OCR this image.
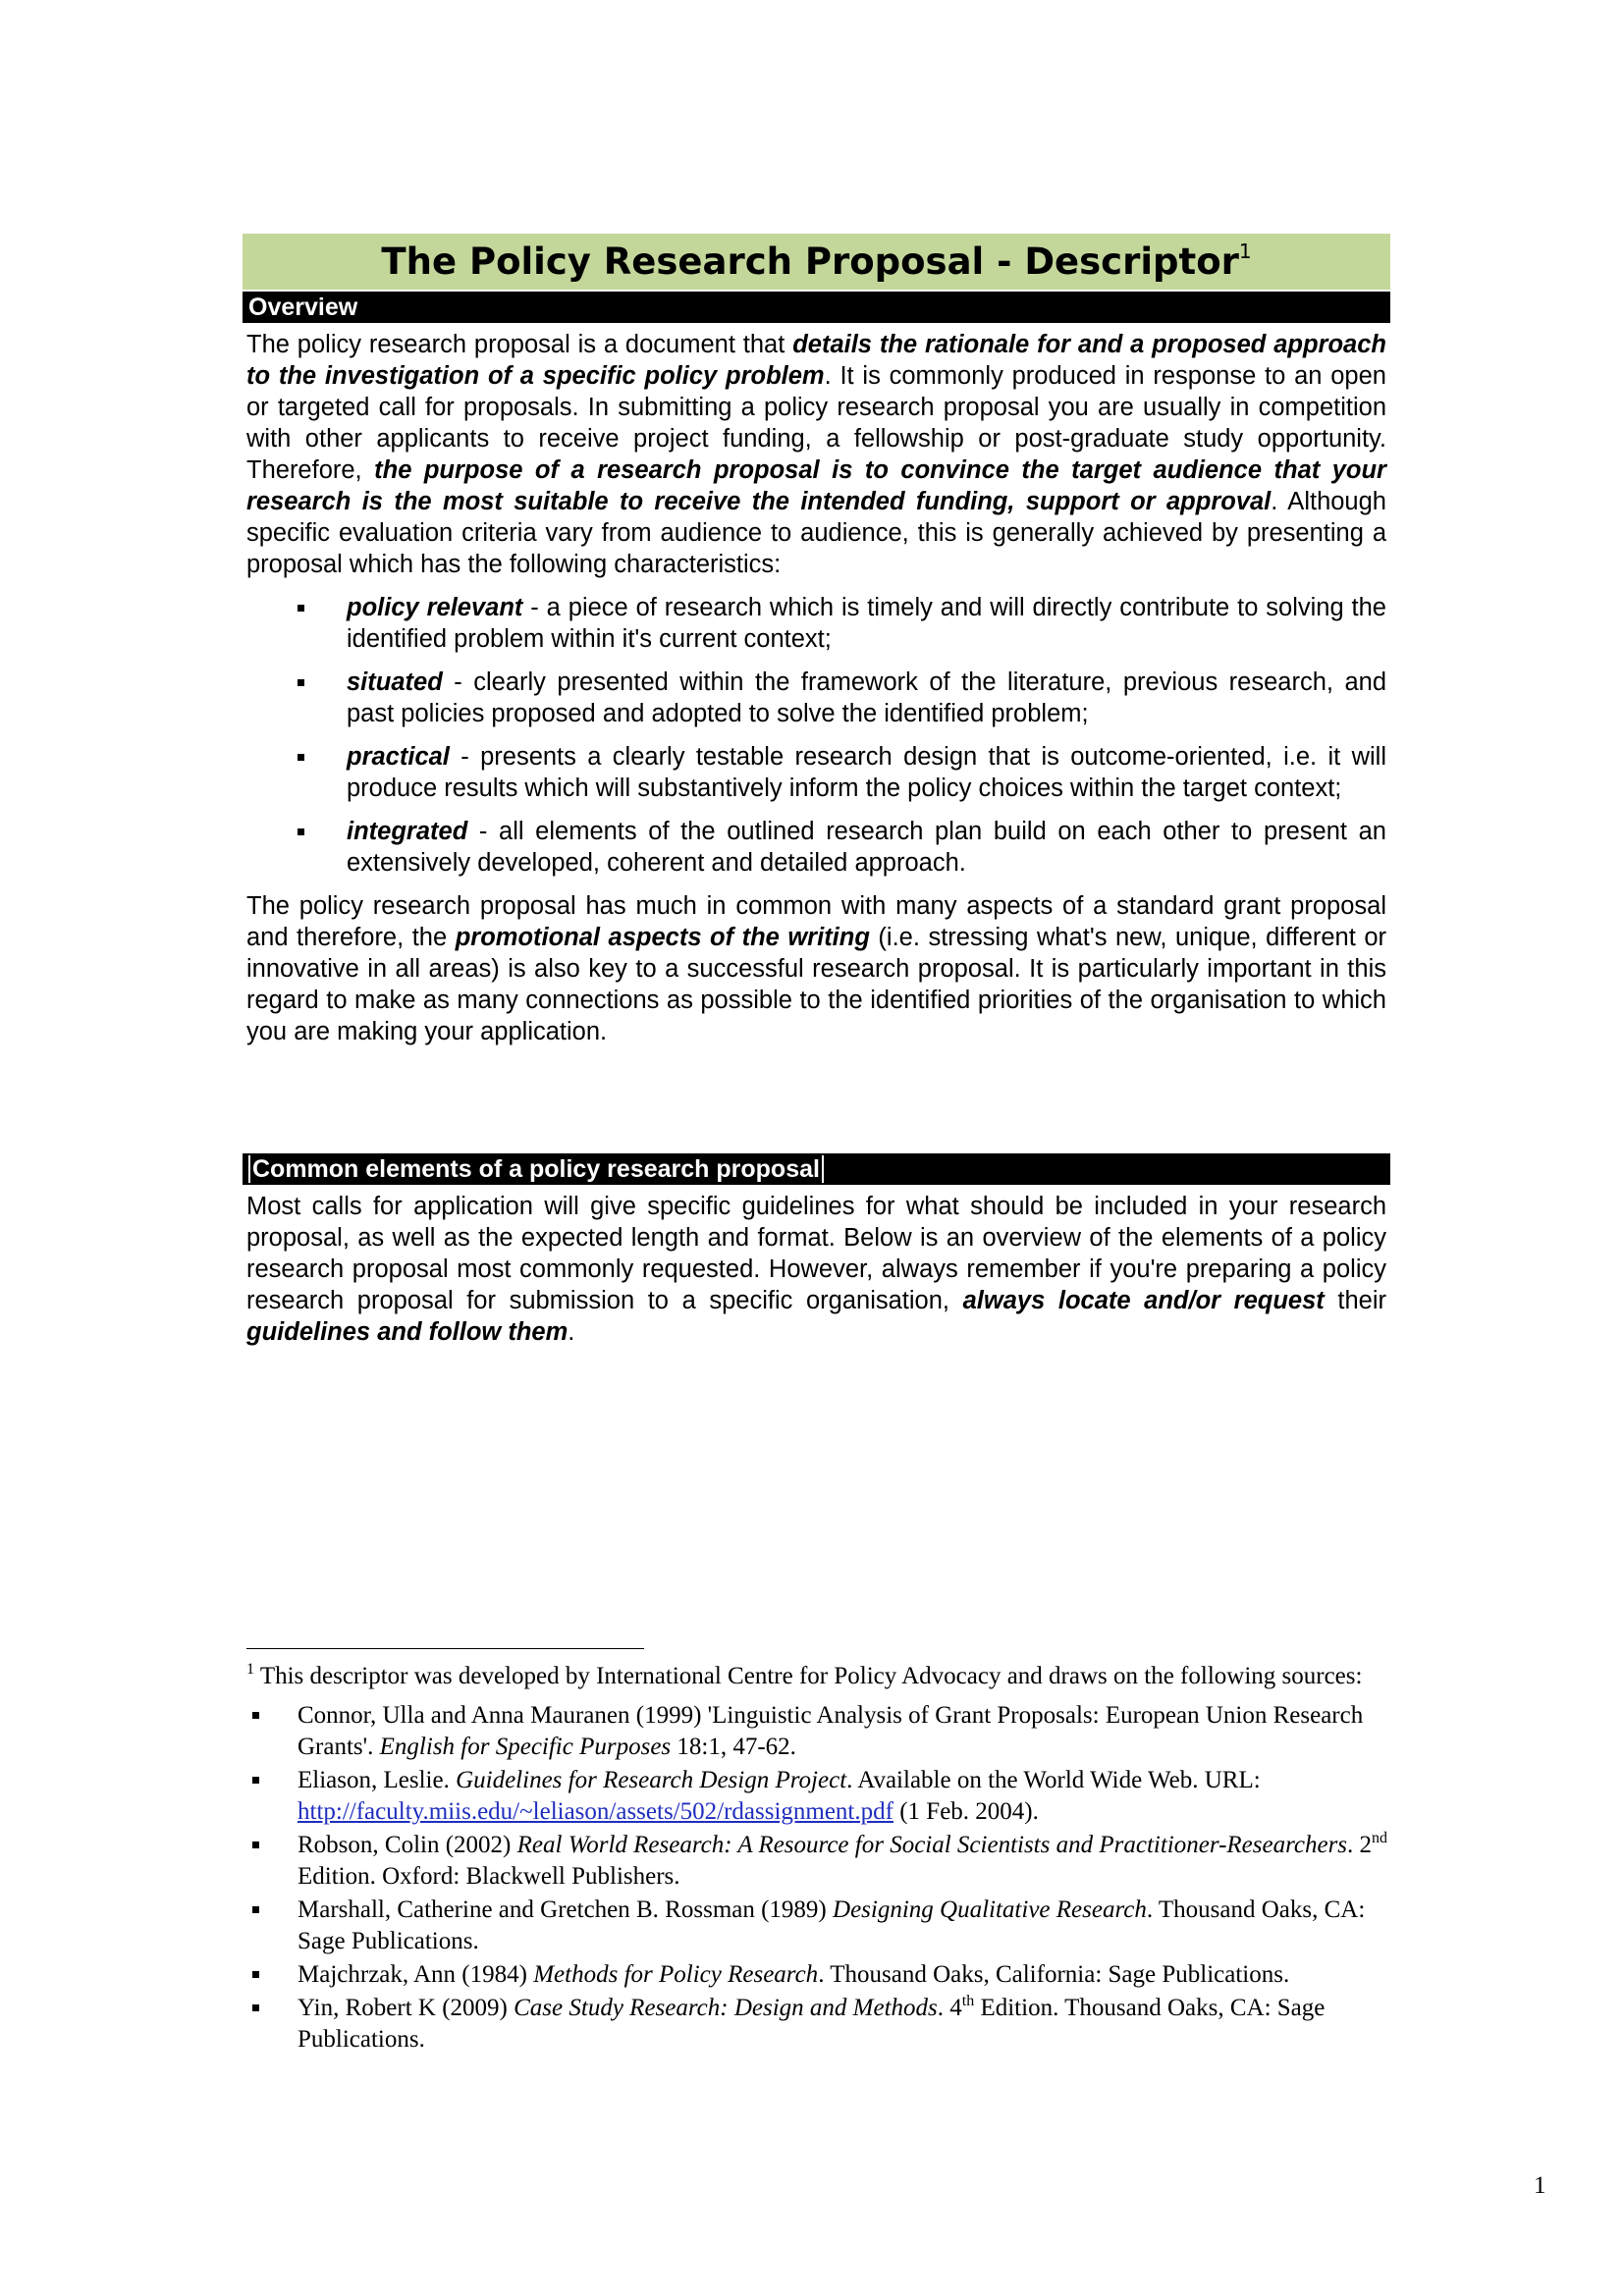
The Policy Research Proposal - Descriptor$^1$
Overview

The policy research proposal is a document that details the rationale for and a proposed approach to the investigation of a specific policy problem. It is commonly produced in response to an open or targeted call for proposals. In submitting a policy research proposal you are usually in competition with other applicants to receive project funding, a fellowship or post-graduate study opportunity. Therefore, the purpose of a research proposal is to convince the target audience that your research is the most suitable to receive the intended funding, support or approval. Although specific evaluation criteria vary from audience to audience, this is generally achieved by presenting a proposal which has the following characteristics:

policy relevant - a piece of research which is timely and will directly contribute to solving the identified problem within it's current context;
situated - clearly presented within the framework of the literature, previous research, and past policies proposed and adopted to solve the identified problem;
practical - presents a clearly testable research design that is outcome-oriented, i.e. it will produce results which will substantively inform the policy choices within the target context;
integrated - all elements of the outlined research plan build on each other to present an extensively developed, coherent and detailed approach.

The policy research proposal has much in common with many aspects of a standard grant proposal and therefore, the promotional aspects of the writing (i.e. stressing what's new, unique, different or innovative in all areas) is also key to a successful research proposal. It is particularly important in this regard to make as many connections as possible to the identified priorities of the organisation to which you are making your application.

Common elements of a policy research proposal

Most calls for application will give specific guidelines for what should be included in your research proposal, as well as the expected length and format. Below is an overview of the elements of a policy research proposal most commonly requested. However, always remember if you're preparing a policy research proposal for submission to a specific organisation, always locate and/or request their guidelines and follow them.

$^1$ This descriptor was developed by International Centre for Policy Advocacy and draws on the following sources:
Connor, Ulla and Anna Mauranen (1999) 'Linguistic Analysis of Grant Proposals: European Union Research Grants'. English for Specific Purposes 18:1, 47-62.
Eliason, Leslie. Guidelines for Research Design Project. Available on the World Wide Web. URL: http://faculty.miis.edu/~leliason/assets/502/rdassignment.pdf (1 Feb. 2004).
Robson, Colin (2002) Real World Research: A Resource for Social Scientists and Practitioner-Researchers. 2nd Edition. Oxford: Blackwell Publishers.
Marshall, Catherine and Gretchen B. Rossman (1989) Designing Qualitative Research. Thousand Oaks, CA: Sage Publications.
Majchrzak, Ann (1984) Methods for Policy Research. Thousand Oaks, California: Sage Publications.
Yin, Robert K (2009) Case Study Research: Design and Methods. 4th Edition. Thousand Oaks, CA: Sage Publications.
1
